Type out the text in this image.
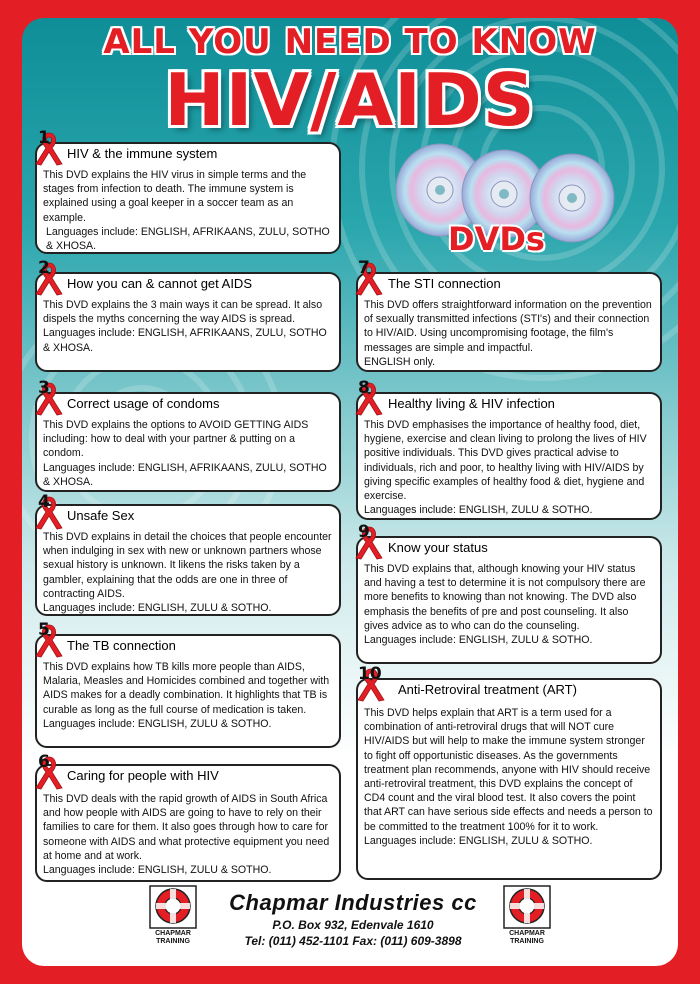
ALL YOU NEED TO KNOW
HIV/AIDS
DVDs
HIV & the immune system

This DVD explains the HIV virus in simple terms and the stages from infection to death. The immune system is explained using a goal keeper in a soccer team as an example.

Languages include: ENGLISH, AFRIKAANS, ZULU, SOTHO & XHOSA.

How you can & cannot get AIDS

This DVD explains the 3 main ways it can be spread. It also dispels the myths concerning the way AIDS is spread.

Languages include: ENGLISH, AFRIKAANS, ZULU, SOTHO & XHOSA.

Correct usage of condoms

This DVD explains the options to AVOID GETTING AIDS including: how to deal with your partner & putting on a condom.

Languages include: ENGLISH, AFRIKAANS, ZULU, SOTHO & XHOSA.

Unsafe Sex

This DVD explains in detail the choices that people encounter when indulging in sex with new or unknown partners whose sexual history is unknown. It likens the risks taken by a gambler, explaining that the odds are one in three of contracting AIDS.

Languages include: ENGLISH, ZULU & SOTHO.

The TB connection

This DVD explains how TB kills more people than AIDS, Malaria, Measles and Homicides combined and together with AIDS makes for a deadly combination. It highlights that TB is curable as long as the full course of medication is taken.

Languages include: ENGLISH, ZULU & SOTHO.

Caring for people with HIV

This DVD deals with the rapid growth of AIDS in South Africa and how people with AIDS are going to have to rely on their families to care for them. It also goes through how to care for someone with AIDS and what protective equipment you need at home and at work.

Languages include: ENGLISH, ZULU & SOTHO.

The STI connection

This DVD offers straightforward information on the prevention of sexually transmitted infections (STI's) and their connection to HIV/AID. Using uncompromising footage, the film's messages are simple and impactful.

ENGLISH only.

Healthy living & HIV infection

This DVD emphasises the importance of healthy food, diet, hygiene, exercise and clean living to prolong the lives of HIV positive individuals. This DVD gives practical advise to individuals, rich and poor, to healthy living with HIV/AIDS by giving specific examples of healthy food & diet, hygiene and exercise.

Languages include: ENGLISH, ZULU & SOTHO.

Know your status

This DVD explains that, although knowing your HIV status and having a test to determine it is not compulsory there are more benefits to knowing than not knowing. The DVD also emphasis the benefits of pre and post counseling. It also gives advice as to who can do the counseling.

Languages include: ENGLISH, ZULU & SOTHO.

Anti-Retroviral treatment (ART)

This DVD helps explain that ART is a term used for a combination of anti-retroviral drugs that will NOT cure HIV/AIDS but will help to make the immune system stronger to fight off opportunistic diseases. As the governments treatment plan recommends, anyone with HIV should receive anti-retroviral treatment, this DVD explains the concept of CD4 count and the viral blood test. It also covers the point that ART can have serious side effects and needs a person to be committed to the treatment 100% for it to work.

Languages include: ENGLISH, ZULU & SOTHO.

1
2
3
4
5
6
7
8
9
10
CHAPMAR TRAINING
CHAPMAR TRAINING
Chapmar Industries cc
P.O. Box 932, Edenvale 1610
Tel: (011) 452-1101 Fax: (011) 609-3898
